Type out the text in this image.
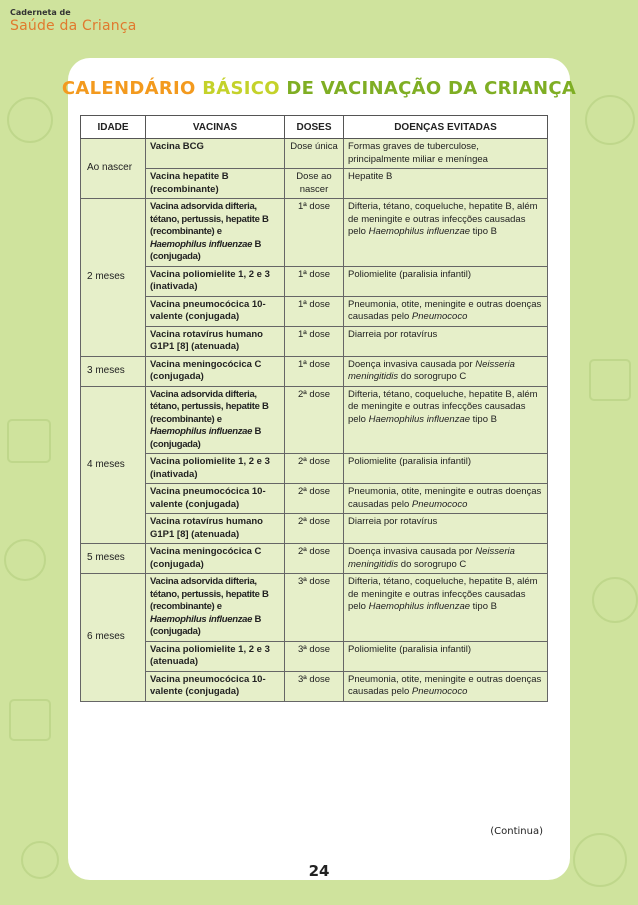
Caderneta de
Saúde da Criança
CALENDÁRIO BÁSICO DE VACINAÇÃO DA CRIANÇA
IDADE	VACINAS	DOSES	DOENÇAS EVITADAS
Ao nascer	Vacina BCG	Dose única	Formas graves de tuberculose, principalmente miliar e meníngea
	Vacina hepatite B (recombinante)	Dose ao nascer	Hepatite B
2 meses	Vacina adsorvida difteria, tétano, pertussis, hepatite B (recombinante) e Haemophilus influenzae B (conjugada)	1ª dose	Difteria, tétano, coqueluche, hepatite B, além de meningite e outras infecções causadas pelo Haemophilus influenzae tipo B
	Vacina poliomielite 1, 2 e 3 (inativada)	1ª dose	Poliomielite (paralisia infantil)
	Vacina pneumocócica 10-valente (conjugada)	1ª dose	Pneumonia, otite, meningite e outras doenças causadas pelo Pneumococo
	Vacina rotavírus humano G1P1 [8] (atenuada)	1ª dose	Diarreia por rotavírus
3 meses	Vacina meningocócica C (conjugada)	1ª dose	Doença invasiva causada por Neisseria meningitidis do sorogrupo C
4 meses	Vacina adsorvida difteria, tétano, pertussis, hepatite B (recombinante) e Haemophilus influenzae B (conjugada)	2ª dose	Difteria, tétano, coqueluche, hepatite B, além de meningite e outras infecções causadas pelo Haemophilus influenzae tipo B
	Vacina poliomielite 1, 2 e 3 (inativada)	2ª dose	Poliomielite (paralisia infantil)
	Vacina pneumocócica 10-valente (conjugada)	2ª dose	Pneumonia, otite, meningite e outras doenças causadas pelo Pneumococo
	Vacina rotavírus humano G1P1 [8] (atenuada)	2ª dose	Diarreia por rotavírus
5 meses	Vacina meningocócica C (conjugada)	2ª dose	Doença invasiva causada por Neisseria meningitidis do sorogrupo C
6 meses	Vacina adsorvida difteria, tétano, pertussis, hepatite B (recombinante) e Haemophilus influenzae B (conjugada)	3ª dose	Difteria, tétano, coqueluche, hepatite B, além de meningite e outras infecções causadas pelo Haemophilus influenzae tipo B
	Vacina poliomielite 1, 2 e 3 (atenuada)	3ª dose	Poliomielite (paralisia infantil)
	Vacina pneumocócica 10-valente (conjugada)	3ª dose	Pneumonia, otite, meningite e outras doenças causadas pelo Pneumococo
(Continua)
24
